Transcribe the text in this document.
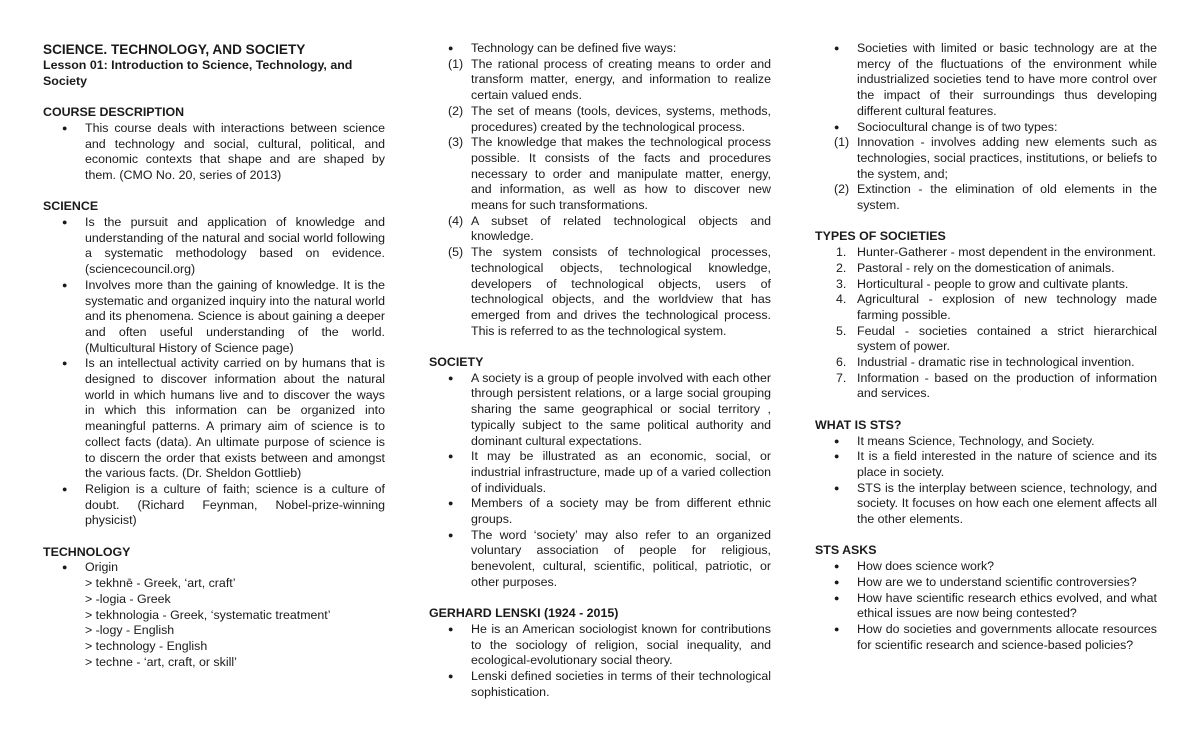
SCIENCE. TECHNOLOGY, AND SOCIETY
Lesson 01: Introduction to Science, Technology, and Society
COURSE DESCRIPTION
● This course deals with interactions between science and technology and social, cultural, political, and economic contexts that shape and are shaped by them. (CMO No. 20, series of 2013)
SCIENCE
● Is the pursuit and application of knowledge and understanding of the natural and social world following a systematic methodology based on evidence. (sciencecouncil.org)
● Involves more than the gaining of knowledge. It is the systematic and organized inquiry into the natural world and its phenomena. Science is about gaining a deeper and often useful understanding of the world. (Multicultural History of Science page)
● Is an intellectual activity carried on by humans that is designed to discover information about the natural world in which humans live and to discover the ways in which this information can be organized into meaningful patterns. A primary aim of science is to collect facts (data). An ultimate purpose of science is to discern the order that exists between and amongst the various facts. (Dr. Sheldon Gottlieb)
● Religion is a culture of faith; science is a culture of doubt. (Richard Feynman, Nobel-prize-winning physicist)
TECHNOLOGY
● Origin
> tekhnē - Greek, ‘art, craft’
> -logia - Greek
> tekhnologia - Greek, ‘systematic treatment’
> -logy - English
> technology - English
> techne - ‘art, craft, or skill’
● Technology can be defined five ways:
(1) The rational process of creating means to order and transform matter, energy, and information to realize certain valued ends.
(2) The set of means (tools, devices, systems, methods, procedures) created by the technological process.
(3) The knowledge that makes the technological process possible. It consists of the facts and procedures necessary to order and manipulate matter, energy, and information, as well as how to discover new means for such transformations.
(4) A subset of related technological objects and knowledge.
(5) The system consists of technological processes, technological objects, technological knowledge, developers of technological objects, users of technological objects, and the worldview that has emerged from and drives the technological process. This is referred to as the technological system.
SOCIETY
● A society is a group of people involved with each other through persistent relations, or a large social grouping sharing the same geographical or social territory , typically subject to the same political authority and dominant cultural expectations.
● It may be illustrated as an economic, social, or industrial infrastructure, made up of a varied collection of individuals.
● Members of a society may be from different ethnic groups.
● The word ‘society’ may also refer to an organized voluntary association of people for religious, benevolent, cultural, scientific, political, patriotic, or other purposes.
GERHARD LENSKI (1924 - 2015)
● He is an American sociologist known for contributions to the sociology of religion, social inequality, and ecological-evolutionary social theory.
● Lenski defined societies in terms of their technological sophistication.
● Societies with limited or basic technology are at the mercy of the fluctuations of the environment while industrialized societies tend to have more control over the impact of their surroundings thus developing different cultural features.
● Sociocultural change is of two types:
(1) Innovation - involves adding new elements such as technologies, social practices, institutions, or beliefs to the system, and;
(2) Extinction - the elimination of old elements in the system.
TYPES OF SOCIETIES
1. Hunter-Gatherer - most dependent in the environment.
2. Pastoral - rely on the domestication of animals.
3. Horticultural - people to grow and cultivate plants.
4. Agricultural - explosion of new technology made farming possible.
5. Feudal - societies contained a strict hierarchical system of power.
6. Industrial - dramatic rise in technological invention.
7. Information - based on the production of information and services.
WHAT IS STS?
● It means Science, Technology, and Society.
● It is a field interested in the nature of science and its place in society.
● STS is the interplay between science, technology, and society. It focuses on how each one element affects all the other elements.
STS ASKS
● How does science work?
● How are we to understand scientific controversies?
● How have scientific research ethics evolved, and what ethical issues are now being contested?
● How do societies and governments allocate resources for scientific research and science-based policies?
